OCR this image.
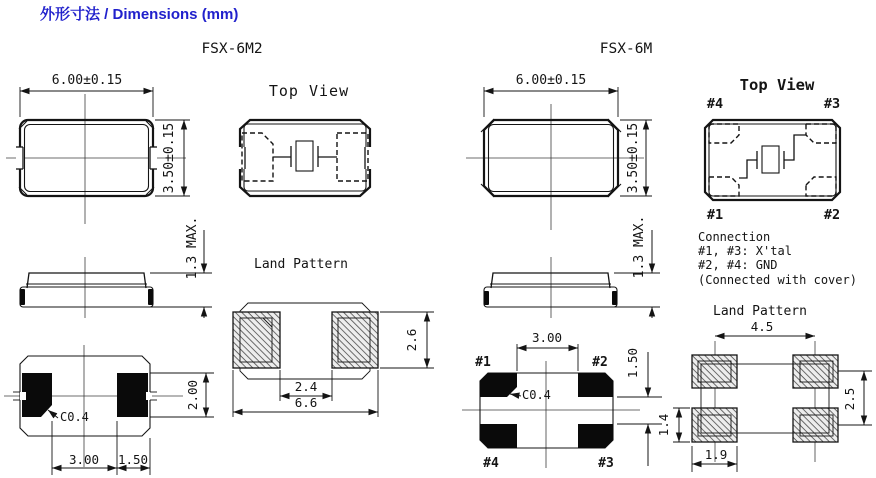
外形寸法 / Dimensions (mm)
FSX-6M2
6.00±0.15
3.50±0.15
1.3 MAX.
C0.4
2.00
3.00 1.50
Top View
Land Pattern
2.4
6.6
2.6
FSX-6M
6.00±0.15
3.50±0.15
1.3 MAX.
#1	#2
#4	#3
3.00
C0.4
1.50
Top View
#4	#3
#1	#2
Connection
#1, #3: X'tal
#2, #4: GND
(Connected with cover)
Land Pattern
4.5
2.5
1.4
1.9
